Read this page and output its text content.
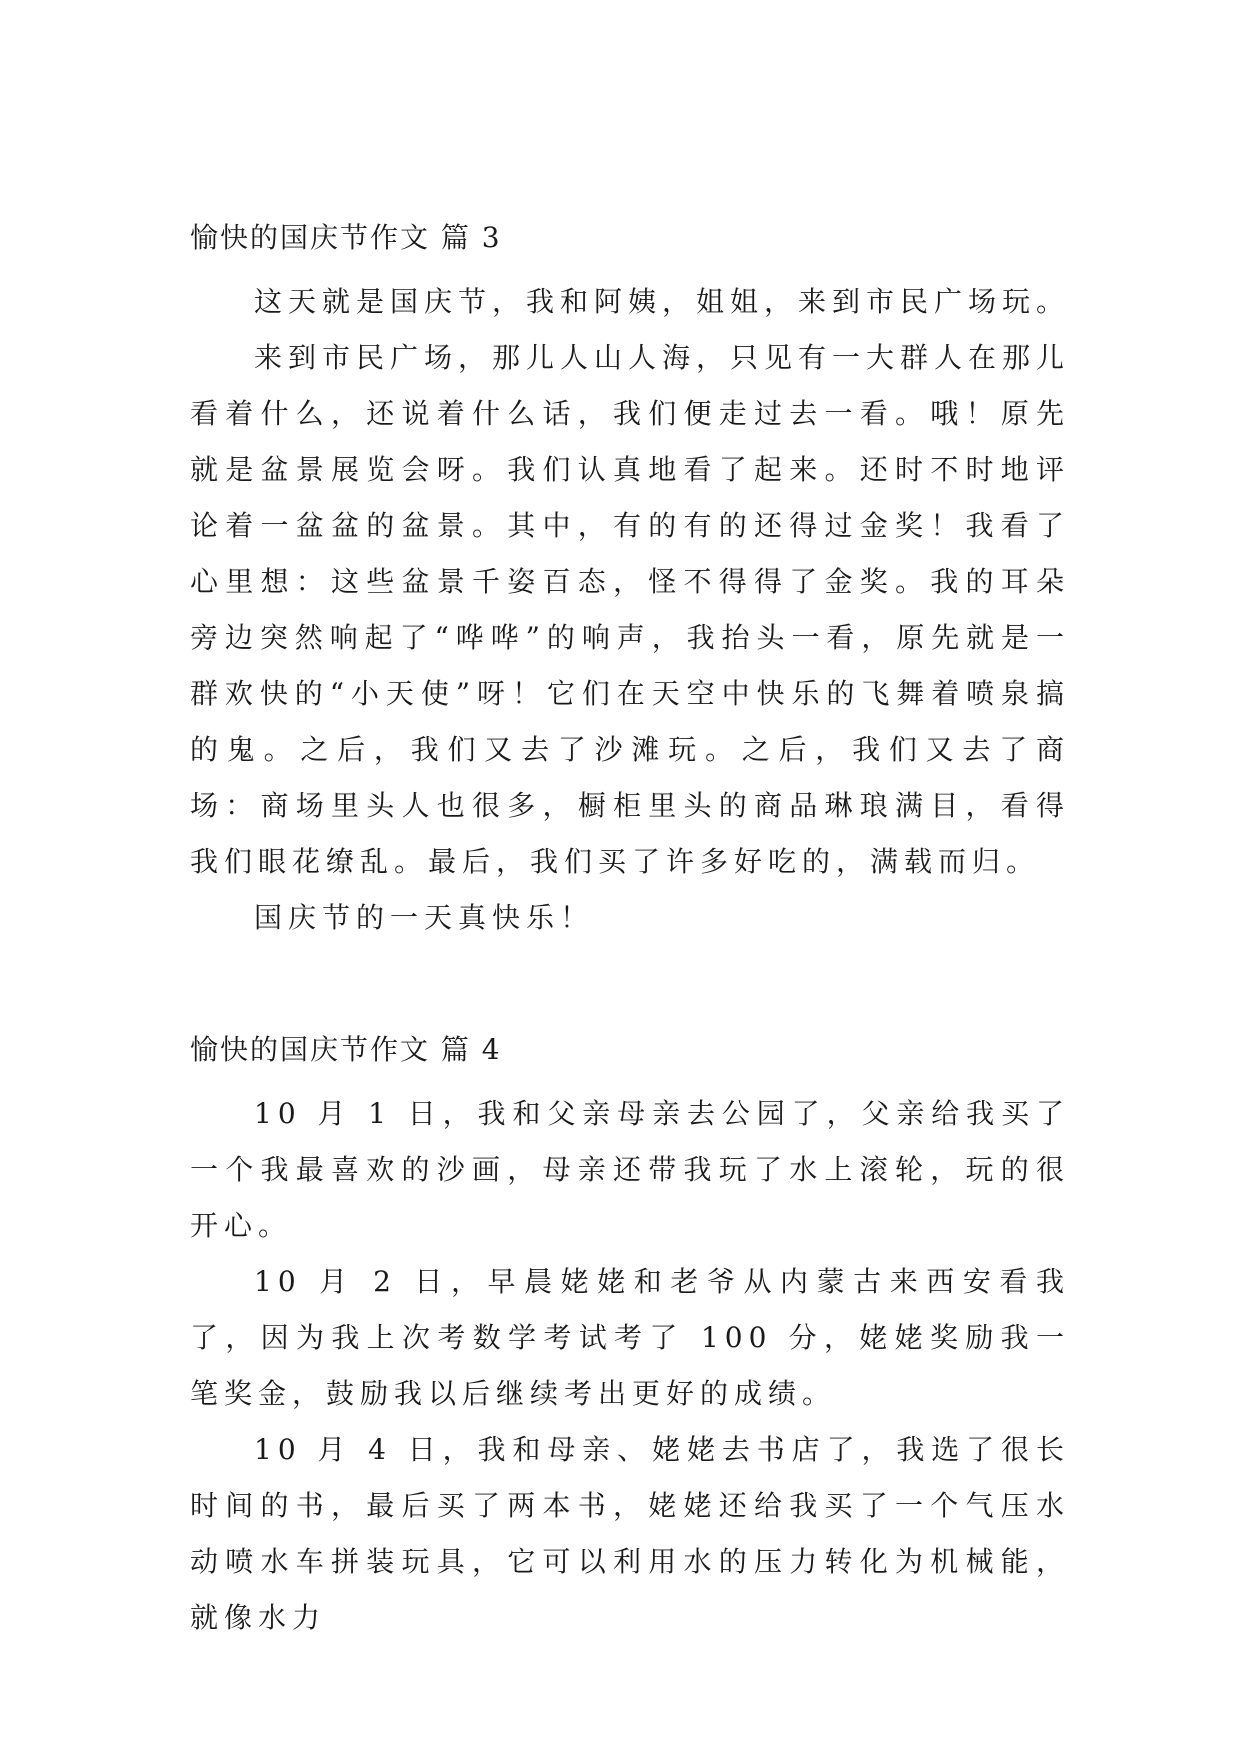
愉快的国庆节作文 篇 3

这天就是国庆节，我和阿姨，姐姐，来到市民广场玩。

来到市民广场，那儿人山人海，只见有一大群人在那儿看着什么，还说着什么话，我们便走过去一看。哦！原先就是盆景展览会呀。我们认真地看了起来。还时不时地评论着一盆盆的盆景。其中，有的有的还得过金奖！我看了心里想：这些盆景千姿百态，怪不得得了金奖。我的耳朵旁边突然响起了“哗哗”的响声，我抬头一看，原先就是一群欢快的“小天使”呀！它们在天空中快乐的飞舞着喷泉搞的鬼。之后，我们又去了沙滩玩。之后，我们又去了商场：商场里头人也很多，橱柜里头的商品琳琅满目，看得我们眼花缭乱。最后，我们买了许多好吃的，满载而归。

国庆节的一天真快乐！

愉快的国庆节作文 篇 4

10 月 1 日，我和父亲母亲去公园了，父亲给我买了一个我最喜欢的沙画，母亲还带我玩了水上滚轮，玩的很开心。

10 月 2 日，早晨姥姥和老爷从内蒙古来西安看我了，因为我上次考数学考试考了 100 分，姥姥奖励我一笔奖金，鼓励我以后继续考出更好的成绩。

10 月 4 日，我和母亲、姥姥去书店了，我选了很长时间的书，最后买了两本书，姥姥还给我买了一个气压水动喷水车拼装玩具，它可以利用水的压力转化为机械能，就像水力
